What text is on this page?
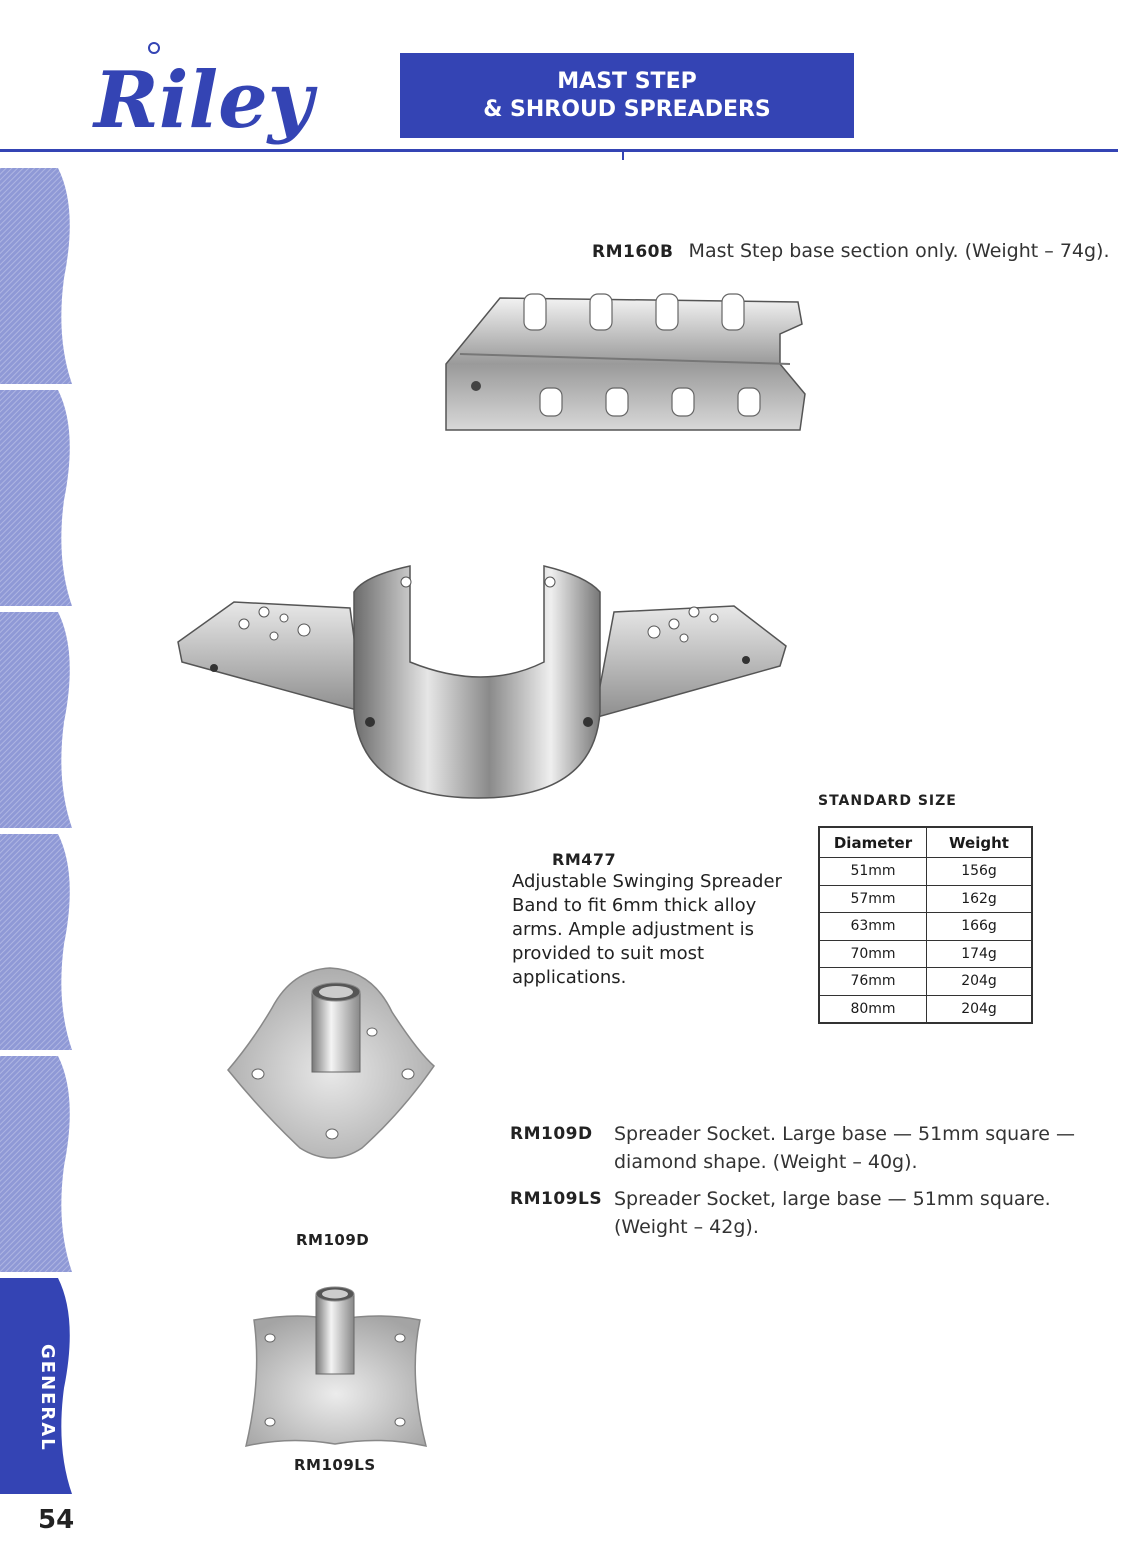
Riley	MAST STEP
& SHROUD SPREADERS
GENERAL
54
RM160B Mast Step base section only. (Weight – 74g).
RM477
Adjustable Swinging Spreader Band to fit 6mm thick alloy arms. Ample adjustment is provided to suit most applications.
STANDARD SIZE
Diameter	Weight
51mm	156g
57mm	162g
63mm	166g
70mm	174g
76mm	204g
80mm	204g
RM109D
RM109LS
RM109D Spreader Socket. Large base — 51mm square — diamond shape. (Weight – 40g).
RM109LS Spreader Socket, large base — 51mm square. (Weight – 42g).
